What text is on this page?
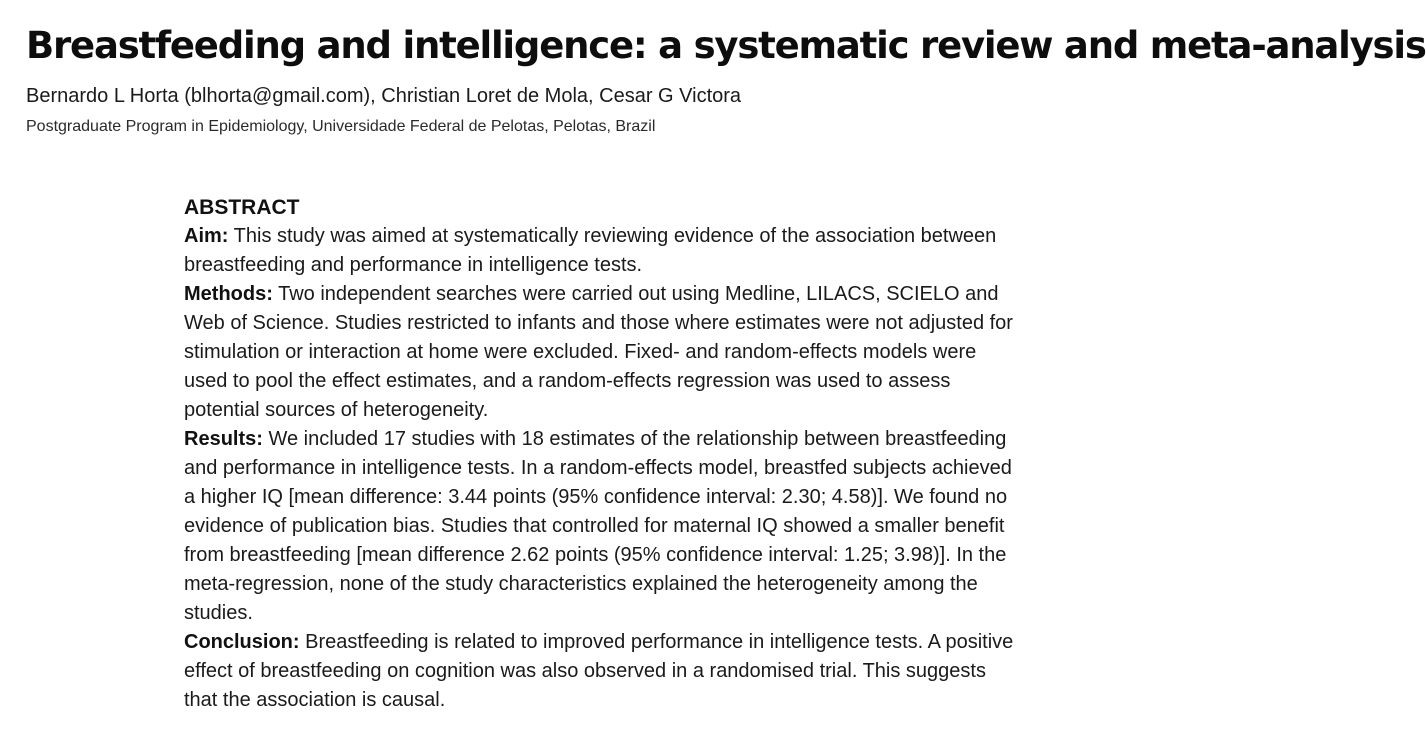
Breastfeeding and intelligence: a systematic review and meta-analysis
Bernardo L Horta (blhorta@gmail.com), Christian Loret de Mola, Cesar G Victora
Postgraduate Program in Epidemiology, Universidade Federal de Pelotas, Pelotas, Brazil
ABSTRACT

Aim: This study was aimed at systematically reviewing evidence of the association between breastfeeding and performance in intelligence tests.

Methods: Two independent searches were carried out using Medline, LILACS, SCIELO and Web of Science. Studies restricted to infants and those where estimates were not adjusted for stimulation or interaction at home were excluded. Fixed- and random-effects models were used to pool the effect estimates, and a random-effects regression was used to assess potential sources of heterogeneity.

Results: We included 17 studies with 18 estimates of the relationship between breastfeeding and performance in intelligence tests. In a random-effects model, breastfed subjects achieved a higher IQ [mean difference: 3.44 points (95% confidence interval: 2.30; 4.58)]. We found no evidence of publication bias. Studies that controlled for maternal IQ showed a smaller benefit from breastfeeding [mean difference 2.62 points (95% confidence interval: 1.25; 3.98)]. In the meta-regression, none of the study characteristics explained the heterogeneity among the studies.

Conclusion: Breastfeeding is related to improved performance in intelligence tests. A positive effect of breastfeeding on cognition was also observed in a randomised trial. This suggests that the association is causal.
